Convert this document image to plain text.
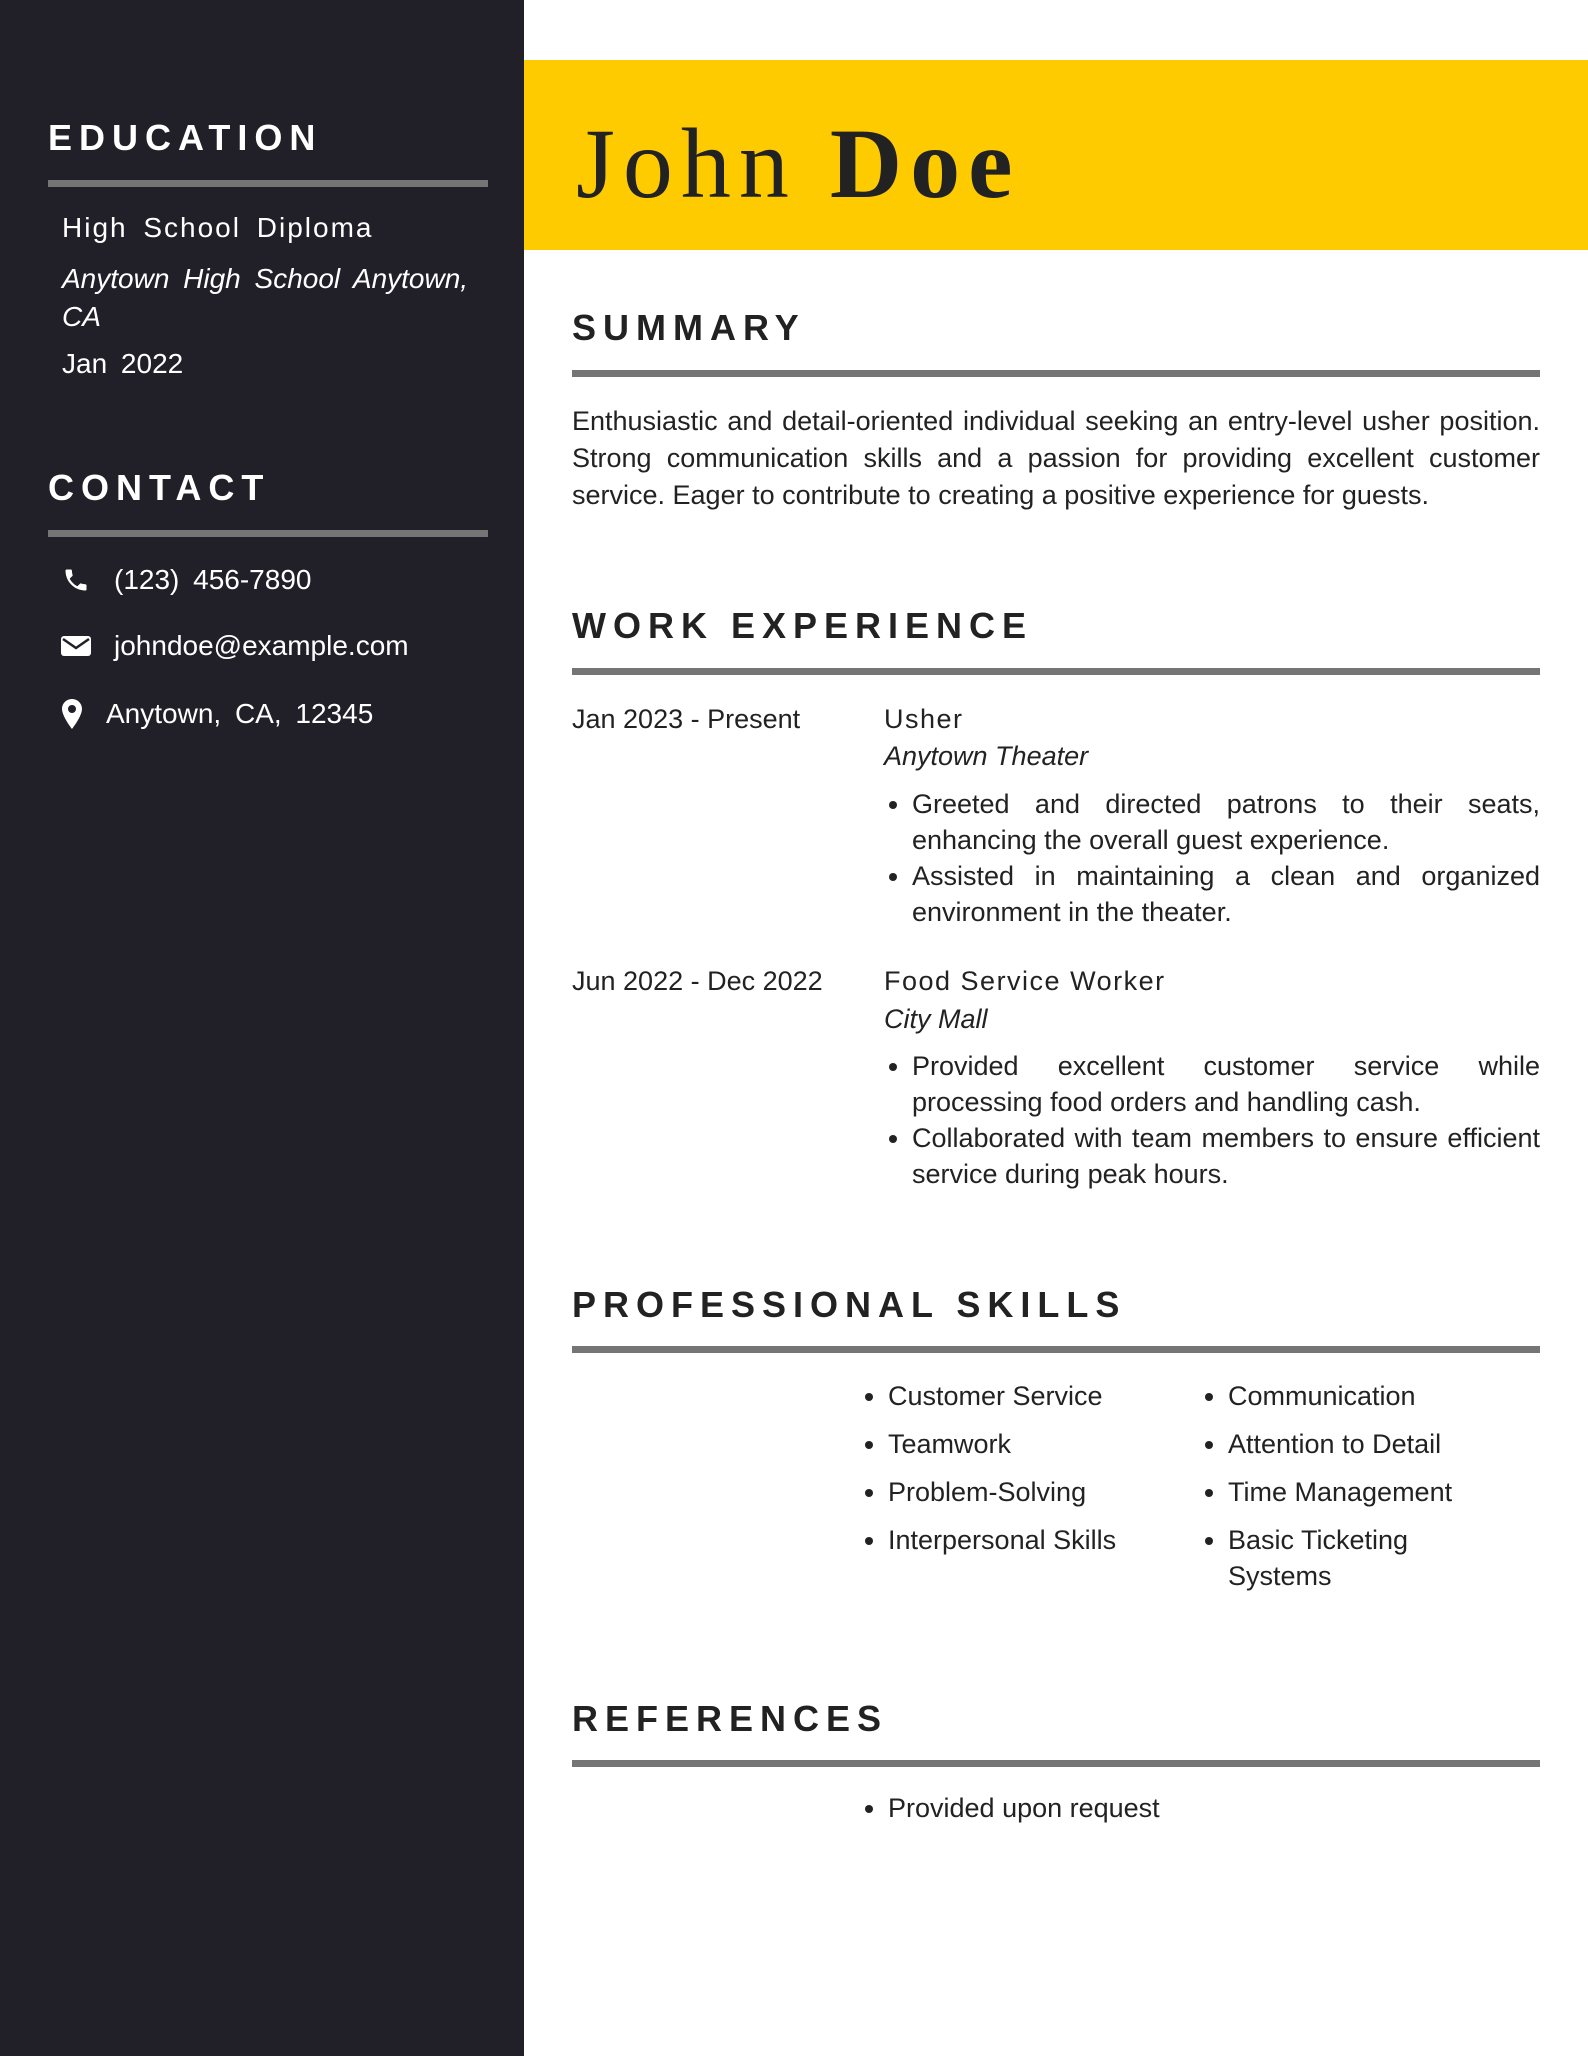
EDUCATION
High School Diploma
Anytown High School Anytown, CA
Jan 2022
CONTACT
(123) 456-7890
johndoe@example.com
Anytown, CA, 12345
John Doe
SUMMARY
Enthusiastic and detail-oriented individual seeking an entry-level usher position. Strong communication skills and a passion for providing excellent customer service. Eager to contribute to creating a positive experience for guests.
WORK EXPERIENCE
Jan 2023 - Present	Usher
Anytown Theater
• Greeted and directed patrons to their seats, enhancing the overall guest experience.
• Assisted in maintaining a clean and organized environment in the theater.
Jun 2022 - Dec 2022 Food Service Worker
City Mall
• Provided excellent customer service while processing food orders and handling cash.
• Collaborated with team members to ensure efficient service during peak hours.
PROFESSIONAL SKILLS
• Customer Service
• Teamwork
• Problem-Solving
• Interpersonal Skills
• Communication
• Attention to Detail
• Time Management
• Basic Ticketing Systems
REFERENCES
• Provided upon request
